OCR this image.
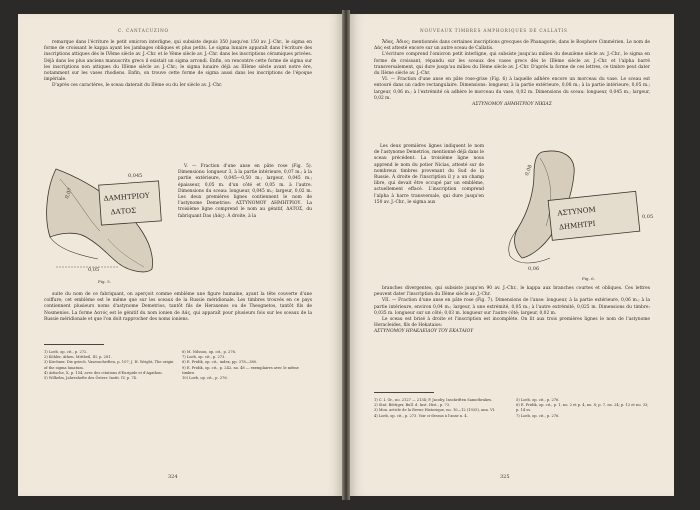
C. CANTACUZINO

remarque dans l'écriture le petit omicron interligne, qui subsiste depuis 350 jusqu'en 150 av. J.-Chr., le sigma en forme de croissant le kappa ayant les jambages obliques et plus petits. Le sigma lunaire apparaît dans l'écriture des inscriptions attiques dès le IVème siècle av. J.-Chr. et le Vème siècle av. J.-Chr. dans les inscriptions céramiques privées. Déjà dans les plus anciens manuscrits grecs il existait un sigma arrondi. Enfin, on rencontre cette forme de sigma sur les inscriptions non attiques du IIIème siècle av. J.-Chr.; le sigma lunaire déjà au IIIème siècle avant notre ère, notamment sur les vases rhodiens. Enfin, on trouve cette forme de sigma aussi dans les inscriptions de l'époque impériale.

D'après ces caractères, le sceau daterait du IIème ou du Ier siècle av. J.-Chr.

ΔΑΜΗΤΡΙΟΥ
ΔΑΤΟΣ
0,07
0,045
0,05
Fig. 5.

V. — Fraction d'une anse en pâte rose (Fig. 5). Dimensions: longueur 3, à la partie intérieure, 0,07 m.; à la partie extérieure, 0,045—0,50 m.; largeur, 0,045 m.; épaisseur, 0,05 m. d'un côté et 0,05 m. à l'autre. Dimensions du sceau: longueur, 0,045 m.; largeur, 0,02 m. Les deux premières lignes contiennent le nom de l'astynome Demetrios: ΑΣΤΥΝΟΜΟΥ ΔΗΜΗΤΡΙΟΥ. La troisième ligne comprend le nom au génitif, ΔΑΤΟΣ, du fabriquant Das (Δάς). À droite, à la

suite du nom de ce fabriquant, on aperçoit comme emblème une figure humaine, ayant la tête couverte d'une coiffure; cet emblème est le même que sur les sceaux de la Russie méridionale. Les timbres trouvés en ce pays contiennent plusieurs noms d'astynome Demetrios, tantôt fils de Heraxenos ou de Theognetos, tantôt fils de Nosmenios. La forme Δατός est le génitif du nom ionien de Δάς, qui apparaît pour plusieurs fois sur les sceaux de la Russie méridionale et que l'on doit rapprocher des noms ioniens.

1) Loeb, op. cit., p. 272.
2) Köhler, Athen. Mittheil, III, p. 281.
3) Kirchner, Die griech. Vasenschriften, p. 107; J. H. Wright, The origin of the sigma lunatum.
4) Attische, X, p. 154, avec des citations d'Euripide et d'Agathon.
5) Wilhelm, Jahreshefte des Österr. Instit. IV, p. 74.
6) M. Nilsson, op. cit., p. 276.
7) Loeb, op. cit., p. 273.
8) E. Pridik, op. cit., index, pp. 378—380.
9) E. Pridik, op. cit., p. 242, no. 48 — exemplaires avec le même timbre.
10) Loeb, op. cit., p. 276.
324
NOUVEAUX TIMBRES AMPHORIQUES DE CALLATIS

Ἄδας, Ἀδιος; mentionnés dans certaines inscriptions grecques de Phanagorie, dans le Bosphore Cimmérien. Le nom de Δάς est attesté encore sur un autre sceau de Callatis.

L'écriture comprend l'omicron petit interligne, qui subsiste jusqu'au milieu du deuxième siècle av. J.-Chr., le sigma en forme de croissant, répandu sur les sceaux des vases grecs dès le IIIème siècle av. J.-Chr. et l'alpha barré transversalement, qui dure jusqu'au milieu du IIème siècle av. J.-Chr. D'après la forme de ces lettres, ce timbre peut dater du IIème siècle av. J.-Chr.

VI. — Fraction d'une anse en pâte rose-grise (Fig. 6) à laquelle adhère encore un morceau du vase. Le sceau est entouré dans un cadre rectangulaire. Dimensions: longueur, à la partie extérieure, 0,08 m.; à la partie intérieure, 0,05 m.; largeur, 0,06 m.; à l'extrémité où adhère le morceau du vase, 0,02 m. Dimensions du sceau: longueur, 0,045 m.; largeur, 0,02 m.

ΑΣΤΥΝΟΜΟΥ ΔΗΜΗΤΡΙΟΥ ΝΙΚΙΑΣ

Les deux premières lignes indiquent le nom de l'astynome Demetrios, mentionné déjà dans le sceau précédent. La troisième ligne nous apprend le nom du potier Nicias, attesté sur de nombreux timbres provenant du Sud de la Russie. À droite de l'inscription il y a un champ libre, qui devait être occupé par un emblème, actuellement effacé. L'inscription comprend l'alpha à barre transversale, qui dure jusqu'en 150 av. J.-Chr., le sigma aux

ΑΣΤΥΝΟΜ
ΔΗΜΗΤΡΙ
0,08
0,06
0,05
Fig. 6.

branches divergentes, qui subsiste jusqu'en 90 av. J.-Chr., le kappa aux branches courtes et obliques. Ces lettres peuvent dater l'inscription du IIème siècle av. J.-Chr.

VII. — Fraction d'une anse en pâte rose (Fig. 7). Dimensions de l'anse: longueur, à la partie extérieure, 0,06 m.; à la partie intérieure, environ 0,04 m.; largeur, à une extrémité, 0,05 m.; à l'autre extrémité, 0,025 m. Dimensions du timbre: 0,035 m. longueur sur un côté; 0,03 m. longueur sur l'autre côté; largeur, 0,02 m.

Le sceau est brisé à droite et l'inscription est incomplète. On lit aux trois premières lignes le nom de l'astynome Heracleides, fils de Hekataios:

ΑΣΤΥΝΟΜΟΥ ΗΡΑΚΛΕΙΔΟΥ ΤΟΥ ΕΚΑΤΑΙΟΥ

1) C. I. Gr., no. 2127 — 2134; P. Jacoby, Inschriften Samothrakes.
2) Stat. Böttiger, Bull. d. Inst. Hist., p. 73.
3) Mon. article de la Revue Historique, no. 10—12 (1935), ann. VI.
4) Loeb, op. cit., p. 273. Voir ci-dessus à l'anse n. 4.
5) Loeb, op. cit., p. 276.
6) E. Pridik, op. cit., p. 1, no. 2 et p. 4, no. 8; p. 7, no. 24; p. 12 et no. 33; p. 14 ss.
7) Loeb, op. cit., p. 276.
325
